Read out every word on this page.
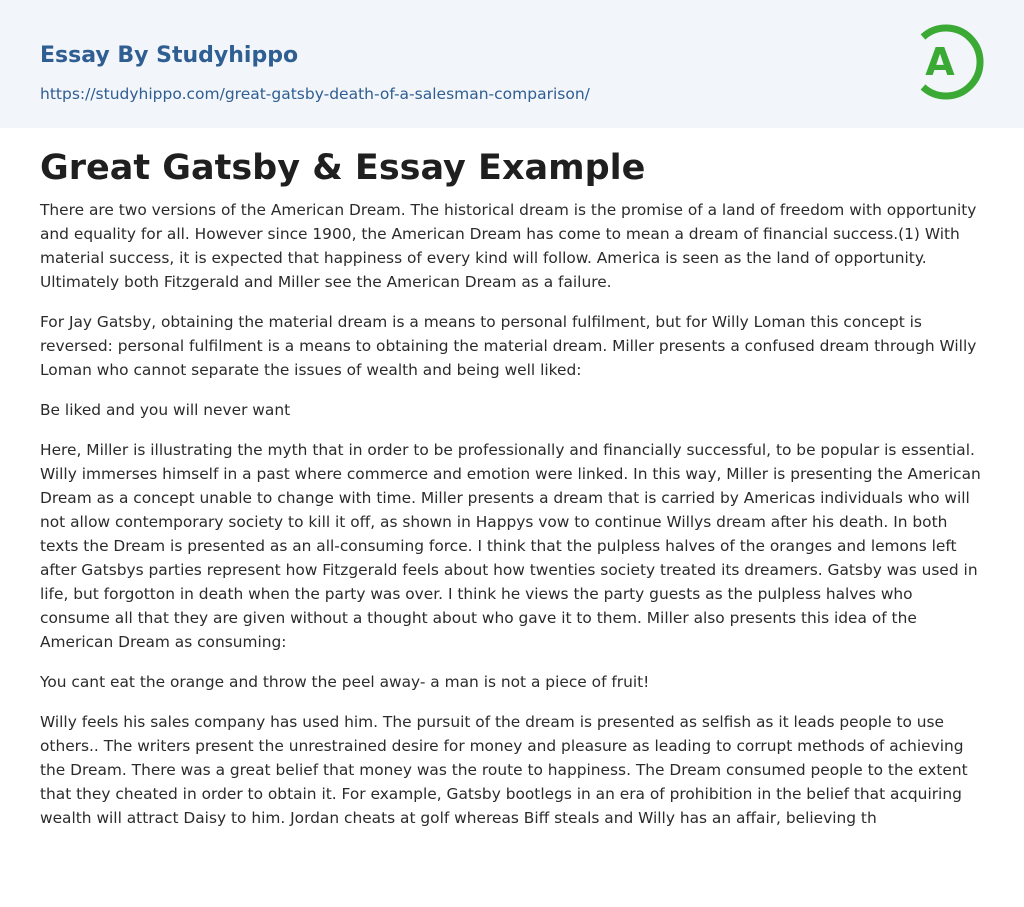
Essay By Studyhippo
https://studyhippo.com/great-gatsby-death-of-a-salesman-comparison/
A
Great Gatsby & Essay Example

There are two versions of the American Dream. The historical dream is the promise of a land of freedom with opportunity and equality for all. However since 1900, the American Dream has come to mean a dream of financial success.(1) With material success, it is expected that happiness of every kind will follow. America is seen as the land of opportunity. Ultimately both Fitzgerald and Miller see the American Dream as a failure.

For Jay Gatsby, obtaining the material dream is a means to personal fulfilment, but for Willy Loman this concept is reversed: personal fulfilment is a means to obtaining the material dream. Miller presents a confused dream through Willy Loman who cannot separate the issues of wealth and being well liked:

Be liked and you will never want

Here, Miller is illustrating the myth that in order to be professionally and financially successful, to be popular is essential. Willy immerses himself in a past where commerce and emotion were linked. In this way, Miller is presenting the American Dream as a concept unable to change with time. Miller presents a dream that is carried by Americas individuals who will not allow contemporary society to kill it off, as shown in Happys vow to continue Willys dream after his death. In both texts the Dream is presented as an all-consuming force. I think that the pulpless halves of the oranges and lemons left after Gatsbys parties represent how Fitzgerald feels about how twenties society treated its dreamers. Gatsby was used in life, but forgotton in death when the party was over. I think he views the party guests as the pulpless halves who consume all that they are given without a thought about who gave it to them. Miller also presents this idea of the American Dream as consuming:

You cant eat the orange and throw the peel away- a man is not a piece of fruit!

Willy feels his sales company has used him. The pursuit of the dream is presented as selfish as it leads people to use others.. The writers present the unrestrained desire for money and pleasure as leading to corrupt methods of achieving the Dream. There was a great belief that money was the route to happiness. The Dream consumed people to the extent that they cheated in order to obtain it. For example, Gatsby bootlegs in an era of prohibition in the belief that acquiring wealth will attract Daisy to him. Jordan cheats at golf whereas Biff steals and Willy has an affair, believing th
